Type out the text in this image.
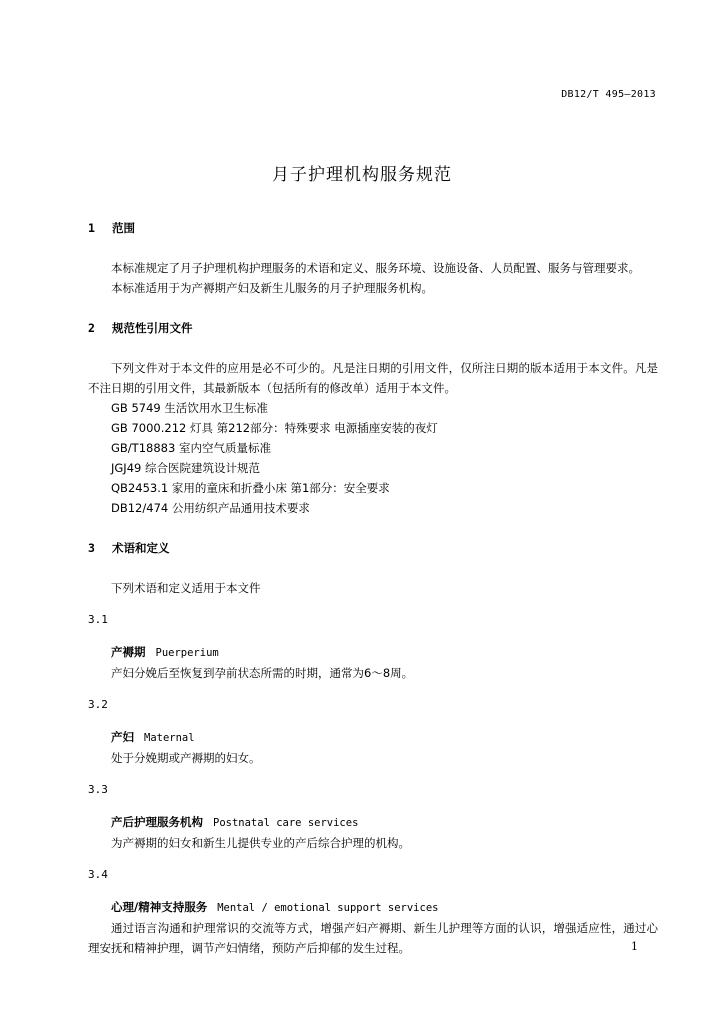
DB12/T 495—2013
月子护理机构服务规范

1 范围

本标准规定了月子护理机构护理服务的术语和定义、服务环境、设施设备、人员配置、服务与管理要求。

本标准适用于为产褥期产妇及新生儿服务的月子护理服务机构。

2 规范性引用文件

下列文件对于本文件的应用是必不可少的。凡是注日期的引用文件，仅所注日期的版本适用于本文件。凡是不注日期的引用文件，其最新版本（包括所有的修改单）适用于本文件。

GB 5749 生活饮用水卫生标准

GB 7000.212 灯具 第212部分：特殊要求 电源插座安装的夜灯

GB/T18883 室内空气质量标准

JGJ49 综合医院建筑设计规范

QB2453.1 家用的童床和折叠小床 第1部分：安全要求

DB12/474 公用纺织产品通用技术要求

3 术语和定义

下列术语和定义适用于本文件

3.1

产褥期 Puerperium

产妇分娩后至恢复到孕前状态所需的时期，通常为6～8周。

3.2

产妇 Maternal

处于分娩期或产褥期的妇女。

3.3

产后护理服务机构 Postnatal care services

为产褥期的妇女和新生儿提供专业的产后综合护理的机构。

3.4

心理/精神支持服务 Mental / emotional support services

通过语言沟通和护理常识的交流等方式，增强产妇产褥期、新生儿护理等方面的认识，增强适应性，通过心理安抚和精神护理，调节产妇情绪，预防产后抑郁的发生过程。	1
